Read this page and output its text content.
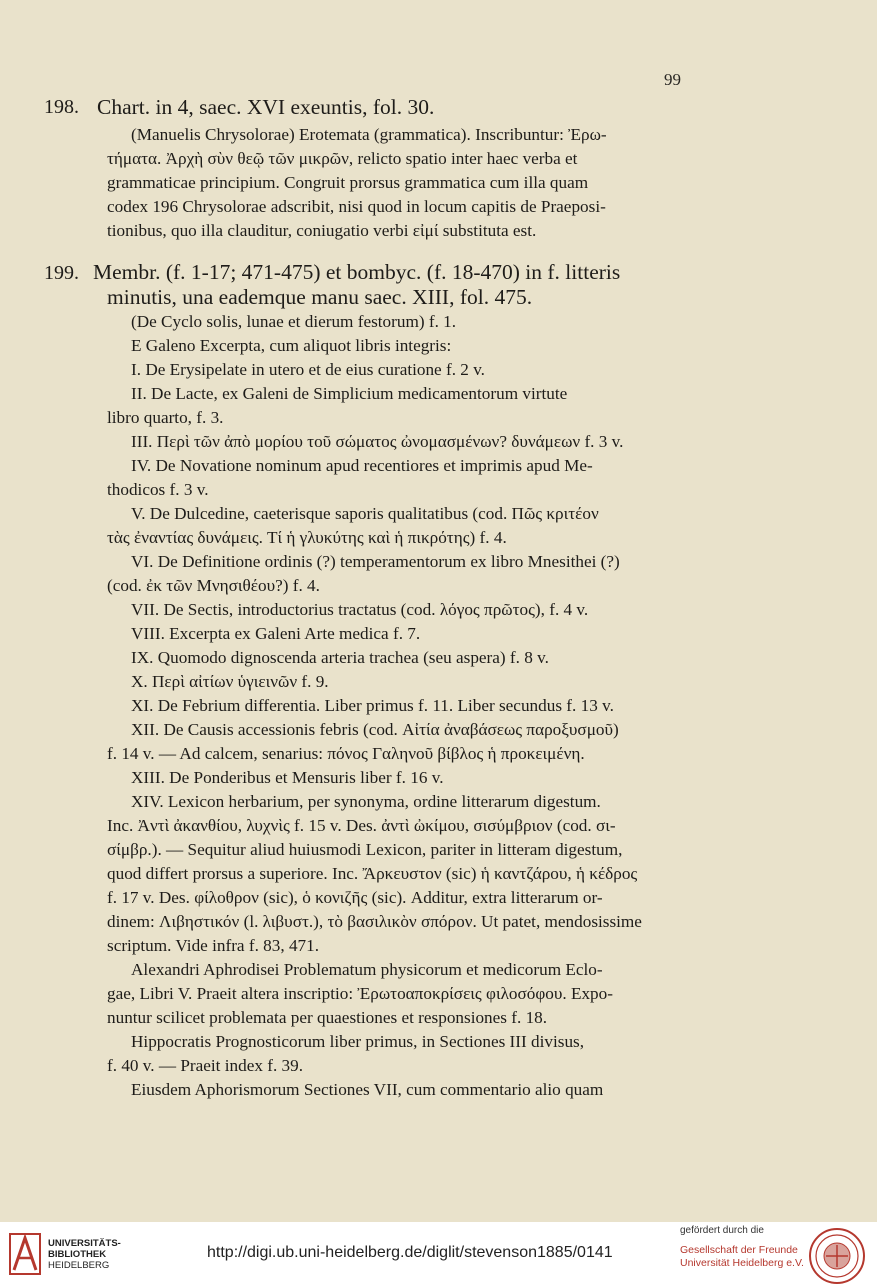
99
198. Chart. in 4, saec. XVI exeuntis, fol. 30.
(Manuelis Chrysolorae) Erotemata (grammatica). Inscribuntur: Ἐρω-
τήματα. Ἀρχὴ σὺν θεῷ τῶν μικρῶν, relicto spatio inter haec verba et
grammaticae principium. Congruit prorsus grammatica cum illa quam
codex 196 Chrysolorae adscribit, nisi quod in locum capitis de Praeposi-
tionibus, quo illa clauditur, coniugatio verbi εἰμί substituta est.
199. Membr. (f. 1-17; 471-475) et bombyc. (f. 18-470) in f. litteris
minutis, una eademque manu saec. XIII, fol. 475.
(De Cyclo solis, lunae et dierum festorum) f. 1.
E Galeno Excerpta, cum aliquot libris integris:
I. De Erysipelate in utero et de eius curatione f. 2 v.
II. De Lacte, ex Galeni de Simplicium medicamentorum virtute
libro quarto, f. 3.
III. Περὶ τῶν ἀπὸ μορίου τοῦ σώματος ὠνομασμένων? δυνάμεων f. 3 v.
IV. De Novatione nominum apud recentiores et imprimis apud Me-
thodicos f. 3 v.
V. De Dulcedine, caeterisque saporis qualitatibus (cod. Πῶς κριτέον
τὰς ἐναντίας δυνάμεις. Τί ἡ γλυκύτης καὶ ἡ πικρότης) f. 4.
VI. De Definitione ordinis (?) temperamentorum ex libro Mnesithei (?)
(cod. ἐκ τῶν Μνησιθέου?) f. 4.
VII. De Sectis, introductorius tractatus (cod. λόγος πρῶτος), f. 4 v.
VIII. Excerpta ex Galeni Arte medica f. 7.
IX. Quomodo dignoscenda arteria trachea (seu aspera) f. 8 v.
X. Περὶ αἰτίων ὑγιεινῶν f. 9.
XI. De Febrium differentia. Liber primus f. 11. Liber secundus f. 13 v.
XII. De Causis accessionis febris (cod. Αἰτία ἀναβάσεως παροξυσμοῦ)
f. 14 v. — Ad calcem, senarius: πόνος Γαληνοῦ βίβλος ἡ προκειμένη.
XIII. De Ponderibus et Mensuris liber f. 16 v.
XIV. Lexicon herbarium, per synonyma, ordine litterarum digestum.
Inc. Ἀντὶ ἀκανθίου, λυχνὶς f. 15 v. Des. ἀντὶ ὠκίμου, σισύμβριον (cod. σι-
σίμβρ.). — Sequitur aliud huiusmodi Lexicon, pariter in litteram digestum,
quod differt prorsus a superiore. Inc. Ἄρκευστον (sic) ἡ καντζάρου, ἡ κέδρος
f. 17 v. Des. φίλοθρον (sic), ὁ κονιζῆς (sic). Additur, extra litterarum or-
dinem: Λιβηστικόν (l. λιβυστ.), τὸ βασιλικὸν σπόρον. Ut patet, mendosissime
scriptum. Vide infra f. 83, 471.
Alexandri Aphrodisei Problematum physicorum et medicorum Eclo-
gae, Libri V. Praeit altera inscriptio: Ἐρωτοαποκρίσεις φιλοσόφου. Expo-
nuntur scilicet problemata per quaestiones et responsiones f. 18.
Hippocratis Prognosticorum liber primus, in Sectiones III divisus,
f. 40 v. — Praeit index f. 39.
Eiusdem Aphorismorum Sectiones VII, cum commentario alio quam
UNIVERSITÄTS-
BIBLIOTHEK
HEIDELBERG
http://digi.ub.uni-heidelberg.de/diglit/stevenson1885/0141
gefördert durch die
Gesellschaft der Freunde
Universität Heidelberg e.V.
